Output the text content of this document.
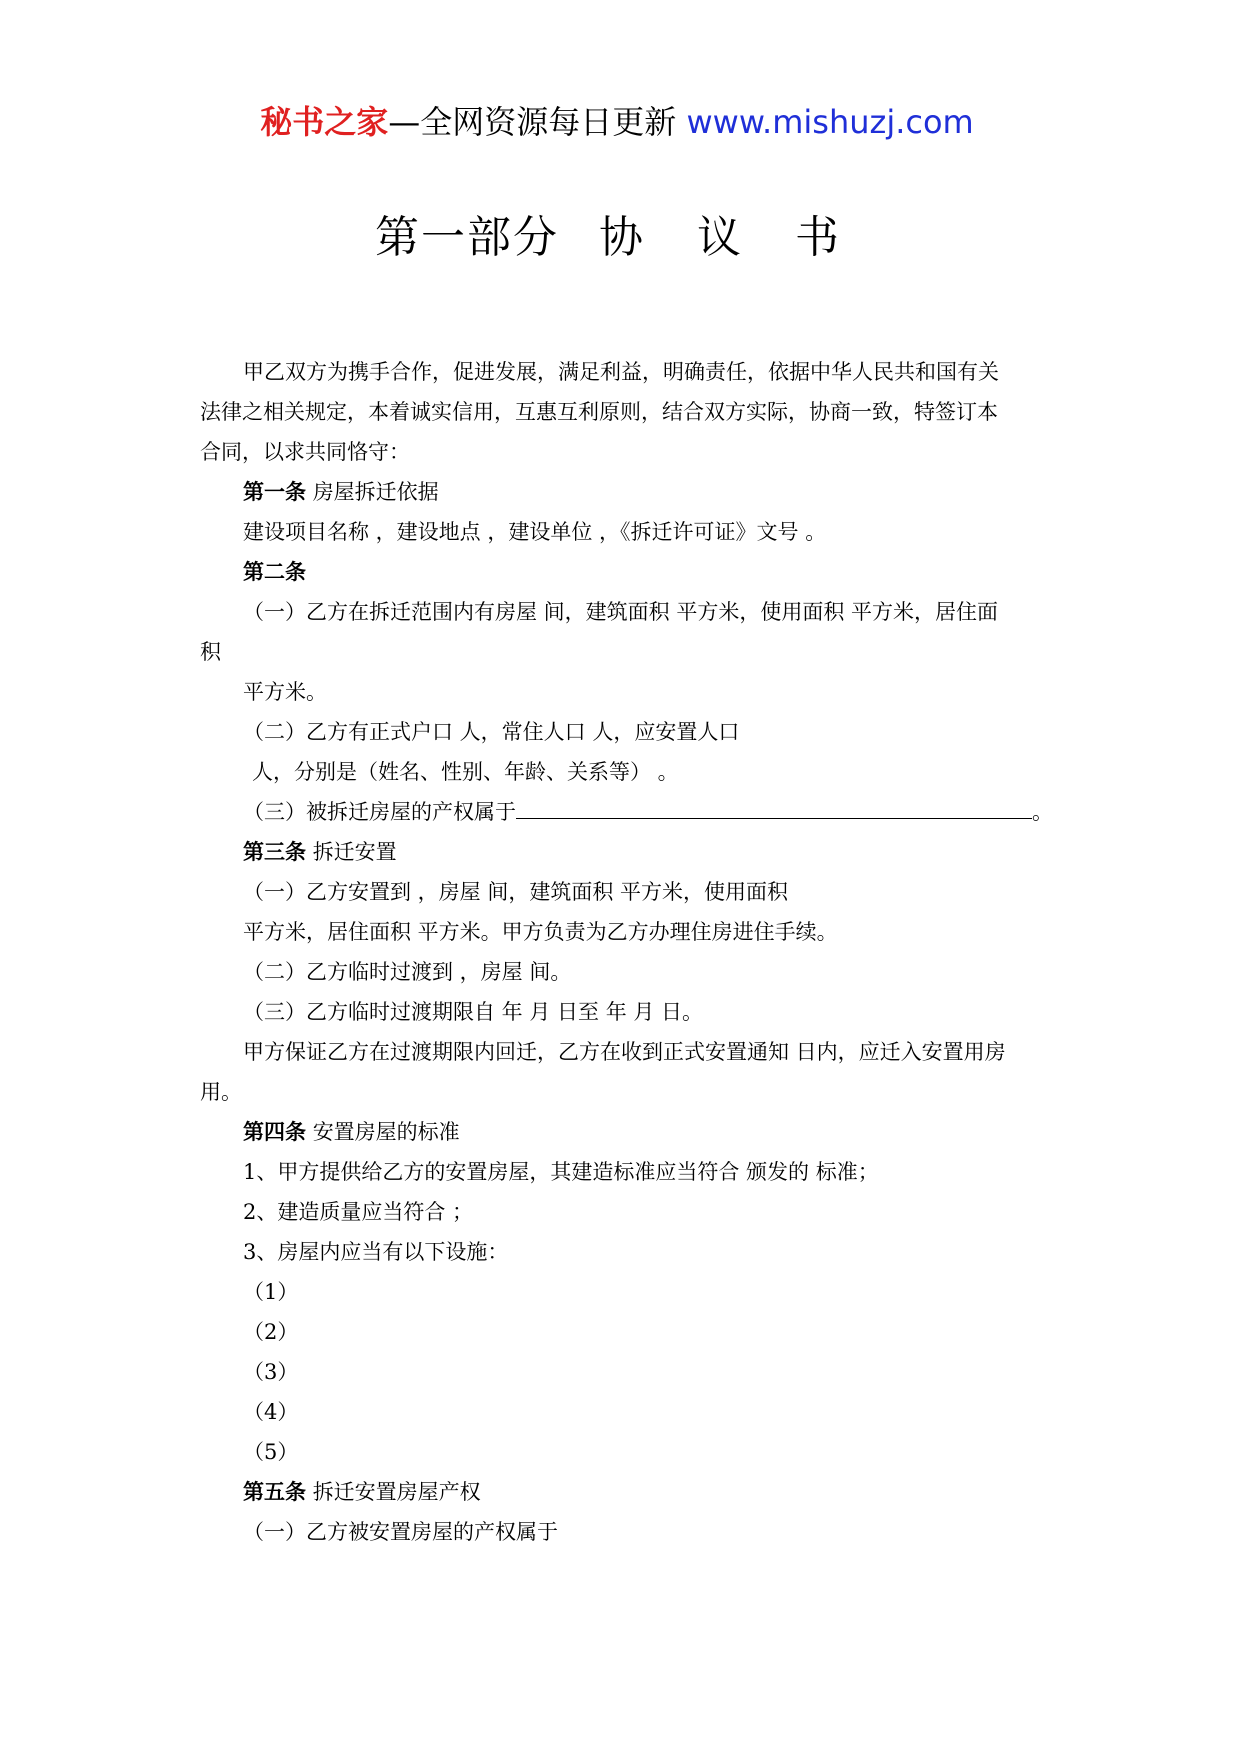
秘书之家—全网资源每日更新 www.mishuzj.com
第一部分 协 议 书

甲乙双方为携手合作，促进发展，满足利益，明确责任，依据中华人民共和国有关

法律之相关规定，本着诚实信用，互惠互利原则，结合双方实际，协商一致，特签订本

合同，以求共同恪守：

第一条 房屋拆迁依据

建设项目名称 ，建设地点 ，建设单位 ，《拆迁许可证》文号 。

第二条

（一）乙方在拆迁范围内有房屋 间，建筑面积 平方米，使用面积 平方米，居住面

积

平方米。

（二）乙方有正式户口 人，常住人口 人，应安置人口

人，分别是（姓名、性别、年龄、关系等） 。

（三）被拆迁房屋的产权属于	。

第三条 拆迁安置

（一）乙方安置到 ，房屋 间，建筑面积 平方米，使用面积

平方米，居住面积 平方米。甲方负责为乙方办理住房进住手续。

（二）乙方临时过渡到 ，房屋 间。

（三）乙方临时过渡期限自 年 月 日至 年 月 日。

甲方保证乙方在过渡期限内回迁，乙方在收到正式安置通知 日内，应迁入安置用房

用。

第四条 安置房屋的标准

1、甲方提供给乙方的安置房屋，其建造标准应当符合 颁发的 标准；

2、建造质量应当符合 ；

3、房屋内应当有以下设施：

（1）

（2）

（3）

（4）

（5）

第五条 拆迁安置房屋产权

（一）乙方被安置房屋的产权属于
